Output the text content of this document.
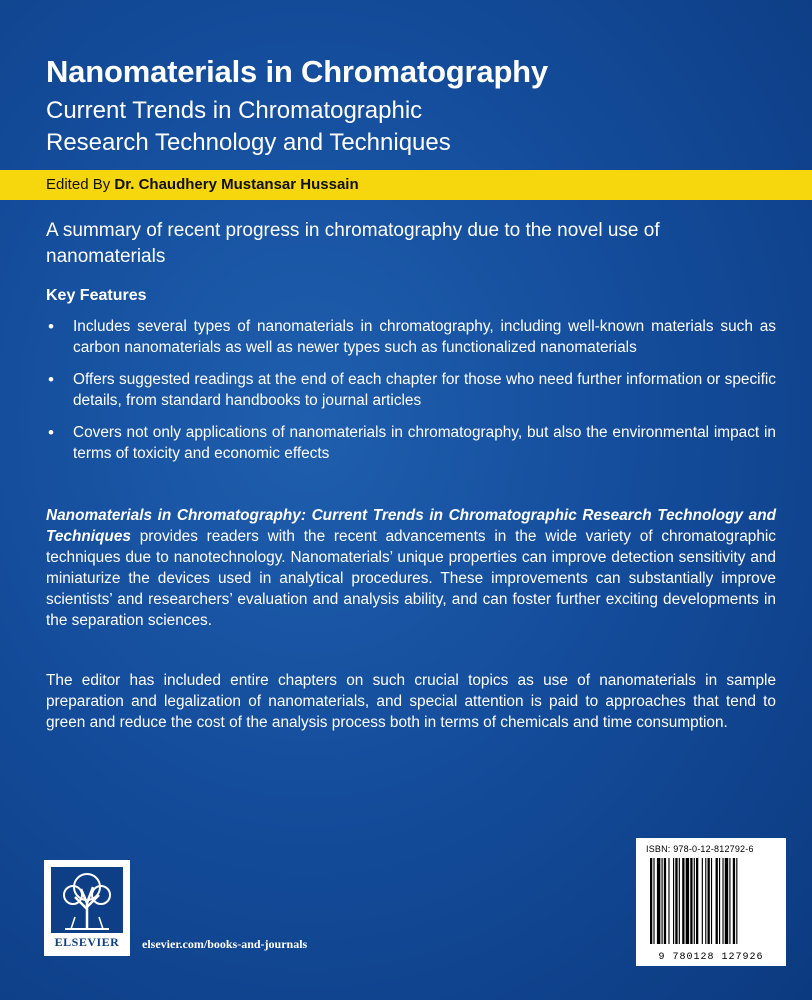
Nanomaterials in Chromatography
Current Trends in Chromatographic
Research Technology and Techniques
Edited By Dr. Chaudhery Mustansar Hussain

A summary of recent progress in chromatography due to the novel use of nanomaterials

Key Features
• Includes several types of nanomaterials in chromatography, including well-known materials such as carbon nanomaterials as well as newer types such as functionalized nanomaterials
• Offers suggested readings at the end of each chapter for those who need further information or specific details, from standard handbooks to journal articles
• Covers not only applications of nanomaterials in chromatography, but also the environmental impact in terms of toxicity and economic effects

Nanomaterials in Chromatography: Current Trends in Chromatographic Research Technology and Techniques provides readers with the recent advancements in the wide variety of chromatographic techniques due to nanotechnology. Nanomaterials’ unique properties can improve detection sensitivity and miniaturize the devices used in analytical procedures. These improvements can substantially improve scientists’ and researchers’ evaluation and analysis ability, and can foster further exciting developments in the separation sciences.

The editor has included entire chapters on such crucial topics as use of nanomaterials in sample preparation and legalization of nanomaterials, and special attention is paid to approaches that tend to green and reduce the cost of the analysis process both in terms of chemicals and time consumption.

ELSEVIER	elsevier.com/books-and-journals
ISBN: 978-0-12-812792-6
9 780128 127926
